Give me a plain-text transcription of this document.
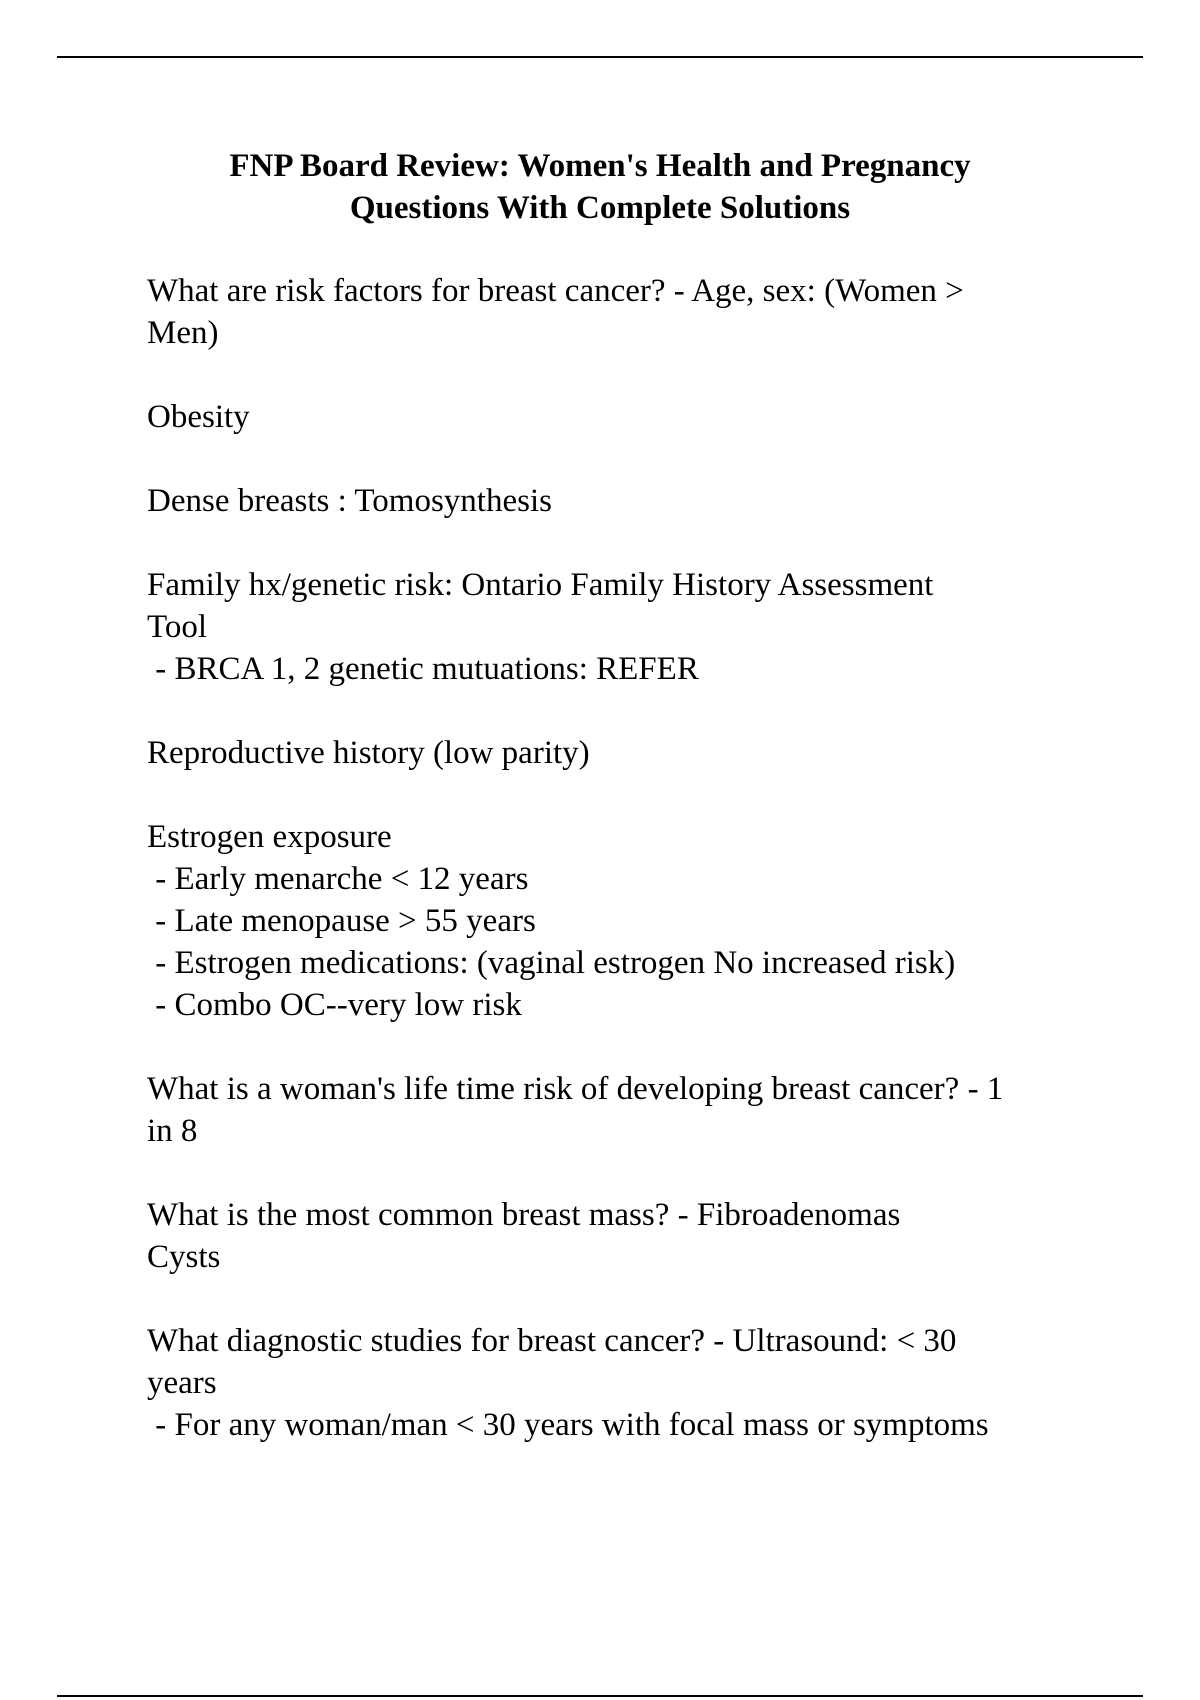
FNP Board Review: Women's Health and Pregnancy
Questions With Complete Solutions
What are risk factors for breast cancer? - Age, sex: (Women >
Men)
Obesity
Dense breasts : Tomosynthesis
Family hx/genetic risk: Ontario Family History Assessment
Tool
- BRCA 1, 2 genetic mutuations: REFER
Reproductive history (low parity)
Estrogen exposure
- Early menarche < 12 years
- Late menopause > 55 years
- Estrogen medications: (vaginal estrogen No increased risk)
- Combo OC--very low risk
What is a woman's life time risk of developing breast cancer? - 1
in 8
What is the most common breast mass? - Fibroadenomas
Cysts
What diagnostic studies for breast cancer? - Ultrasound: < 30
years
- For any woman/man < 30 years with focal mass or symptoms
